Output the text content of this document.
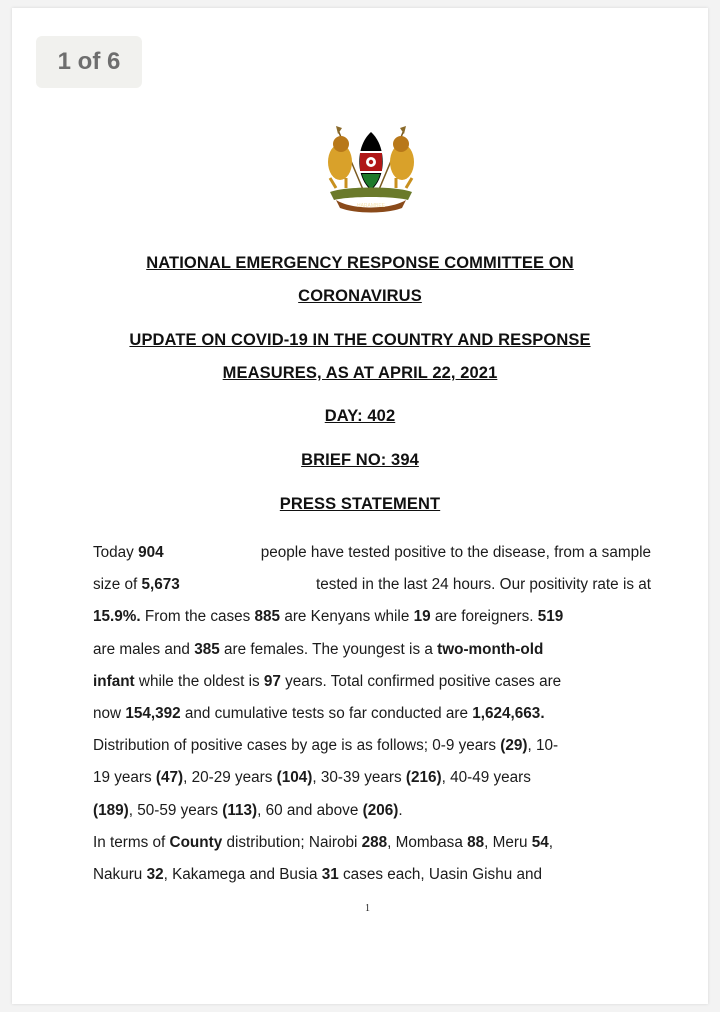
1 of 6
HARAMBEE
NATIONAL EMERGENCY RESPONSE COMMITTEE ON
CORONAVIRUS
UPDATE ON COVID-19 IN THE COUNTRY AND RESPONSE
MEASURES, AS AT APRIL 22, 2021
DAY: 402
BRIEF NO: 394
PRESS STATEMENT
Today 904	people have tested positive to the disease, from a sample
size of 5,673	tested in the last 24 hours. Our positivity rate is at
15.9%. From the cases 885 are Kenyans while 19 are foreigners. 519
are males and 385 are females. The youngest is a two-month-old
infant while the oldest is 97 years. Total confirmed positive cases are
now 154,392 and cumulative tests so far conducted are 1,624,663.
Distribution of positive cases by age is as follows; 0-9 years (29), 10-
19 years (47), 20-29 years (104), 30-39 years (216), 40-49 years
(189), 50-59 years (113), 60 and above (206).
In terms of County distribution; Nairobi 288, Mombasa 88, Meru 54,
Nakuru 32, Kakamega and Busia 31 cases each, Uasin Gishu and
1
